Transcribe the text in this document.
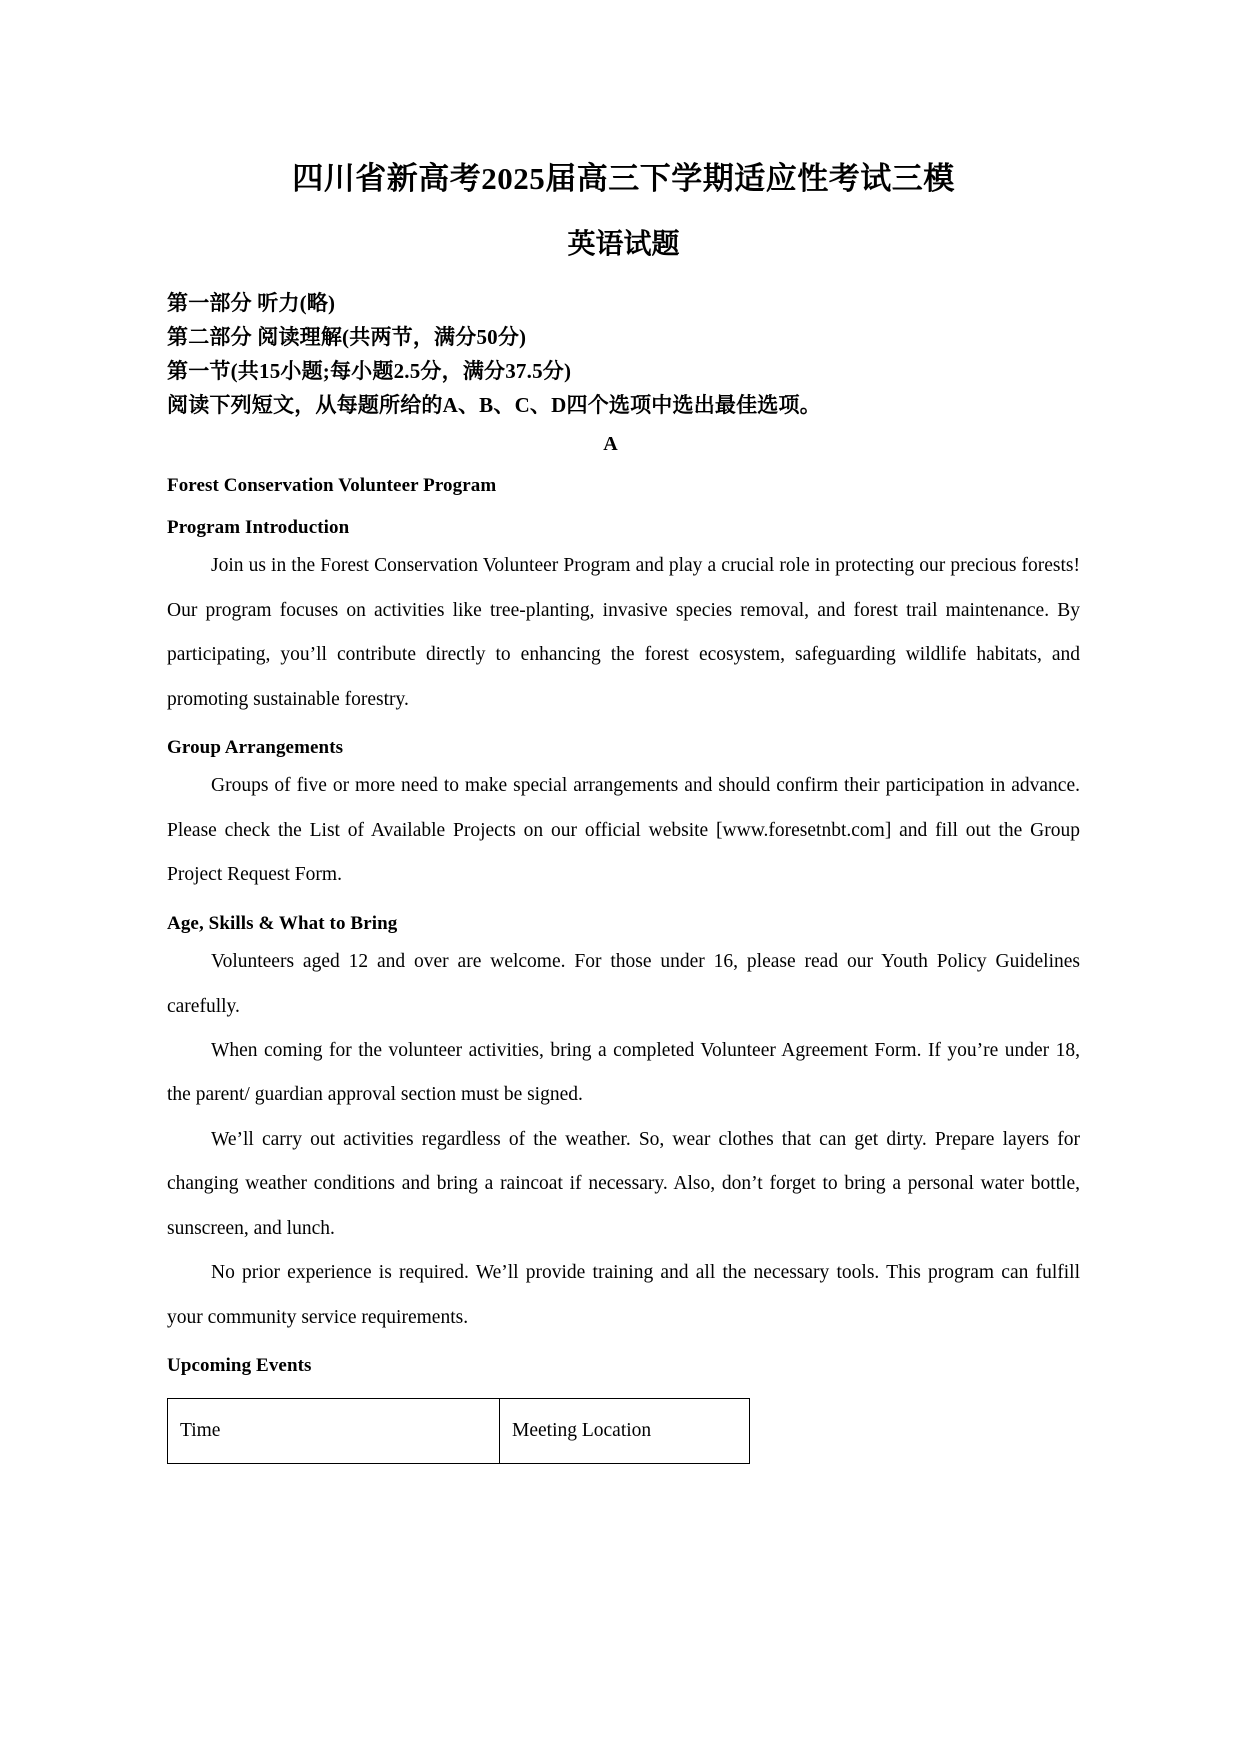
四川省新高考2025届高三下学期适应性考试三模
英语试题

第一部分 听力(略)

第二部分 阅读理解(共两节，满分50分)

第一节(共15小题;每小题2.5分，满分37.5分)

阅读下列短文，从每题所给的A、B、C、D四个选项中选出最佳选项。

A

Forest Conservation Volunteer Program

Program Introduction

Join us in the Forest Conservation Volunteer Program and play a crucial role in protecting our precious forests! Our program focuses on activities like tree-planting, invasive species removal, and forest trail maintenance. By participating, you’ll contribute directly to enhancing the forest ecosystem, safeguarding wildlife habitats, and promoting sustainable forestry.

Group Arrangements

Groups of five or more need to make special arrangements and should confirm their participation in advance. Please check the List of Available Projects on our official website [www.foresetnbt.com] and fill out the Group Project Request Form.

Age, Skills & What to Bring

Volunteers aged 12 and over are welcome. For those under 16, please read our Youth Policy Guidelines carefully.

When coming for the volunteer activities, bring a completed Volunteer Agreement Form. If you’re under 18, the parent/ guardian approval section must be signed.

We’ll carry out activities regardless of the weather. So, wear clothes that can get dirty. Prepare layers for changing weather conditions and bring a raincoat if necessary. Also, don’t forget to bring a personal water bottle, sunscreen, and lunch.

No prior experience is required. We’ll provide training and all the necessary tools. This program can fulfill your community service requirements.

Upcoming Events

Time	Meeting Location
